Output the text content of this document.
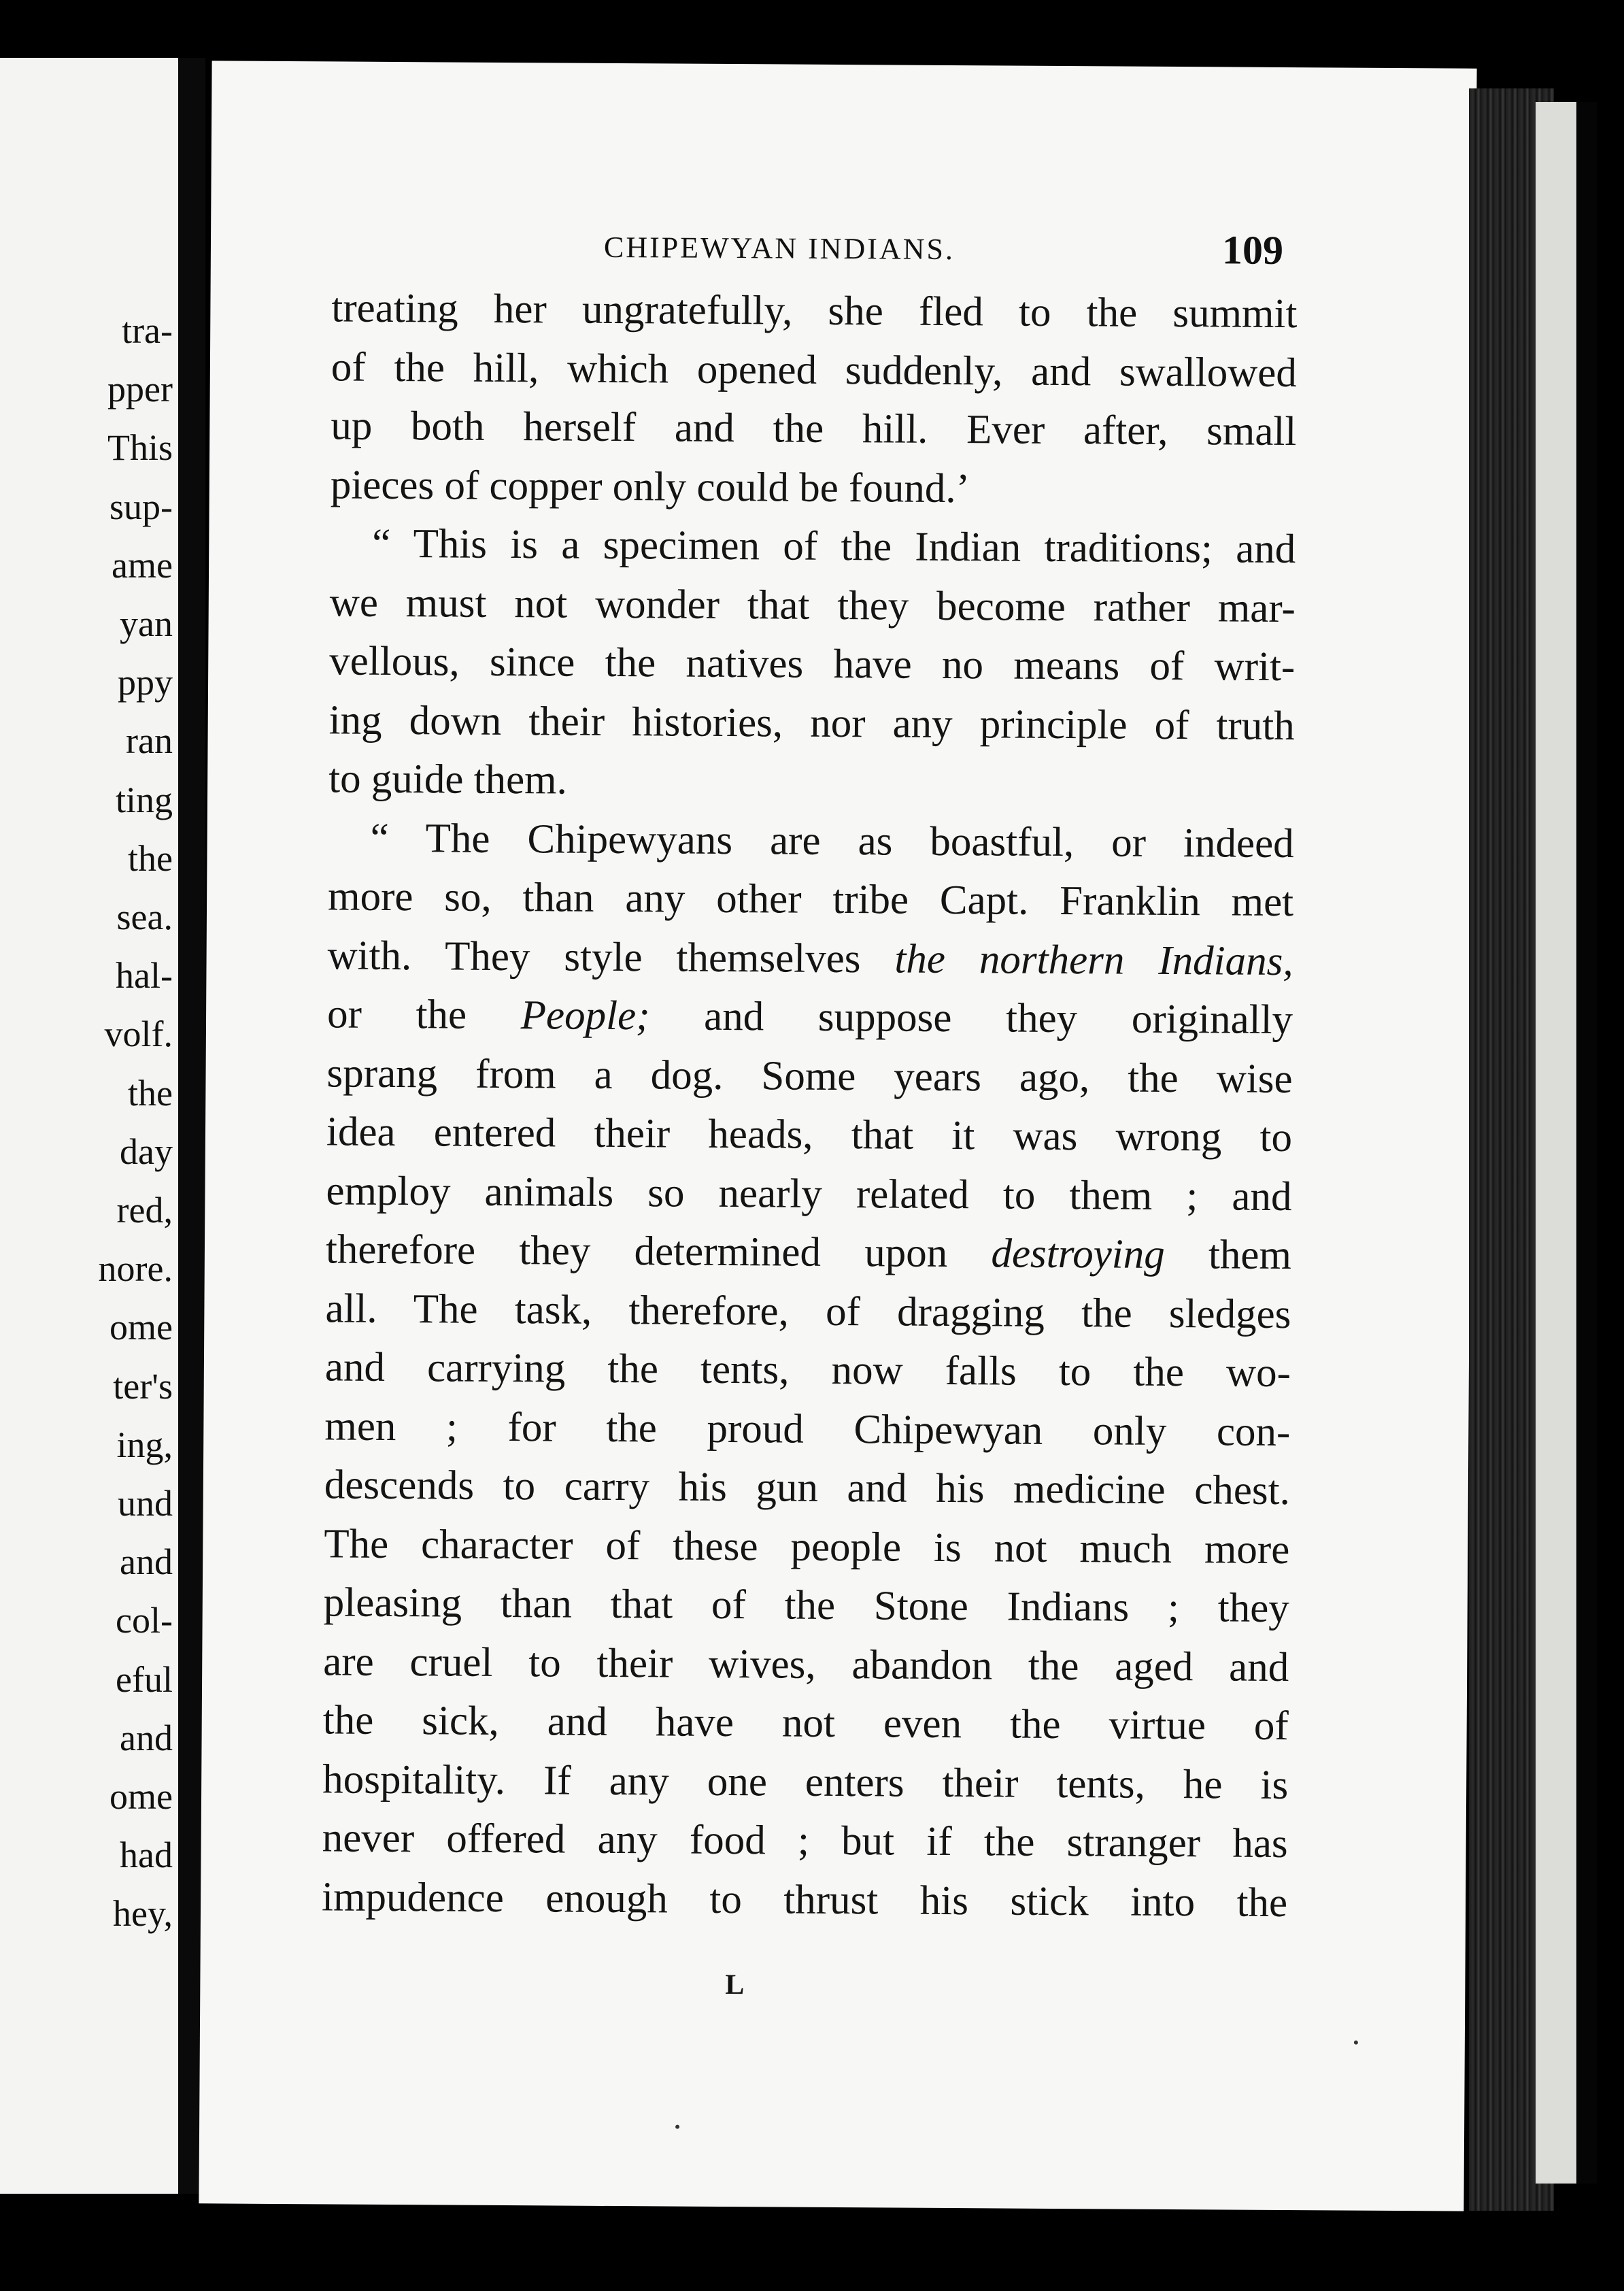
tra-
pper
This
sup-
ame
yan
ppy
ran
ting
the
sea.
hal-
volf.
the
day
red,
nore.
ome
ter's
ing,
und
and
col-
eful
and
ome
had
hey,
CHIPEWYAN INDIANS.	109
treating her ungratefully, she fled to the summit
of the hill, which opened suddenly, and swallowed
up both herself and the hill. Ever after, small
pieces of copper only could be found.’
“ This is a specimen of the Indian traditions; and
we must not wonder that they become rather mar-
vellous, since the natives have no means of writ-
ing down their histories, nor any principle of truth
to guide them.
“ The Chipewyans are as boastful, or indeed
more so, than any other tribe Capt. Franklin met
with. They style themselves the northern Indians,
or the People; and suppose they originally
sprang from a dog. Some years ago, the wise
idea entered their heads, that it was wrong to
employ animals so nearly related to them ; and
therefore they determined upon destroying them
all. The task, therefore, of dragging the sledges
and carrying the tents, now falls to the wo-
men ; for the proud Chipewyan only con-
descends to carry his gun and his medicine chest.
The character of these people is not much more
pleasing than that of the Stone Indians ; they
are cruel to their wives, abandon the aged and
the sick, and have not even the virtue of
hospitality. If any one enters their tents, he is
never offered any food ; but if the stranger has
impudence enough to thrust his stick into the
L
